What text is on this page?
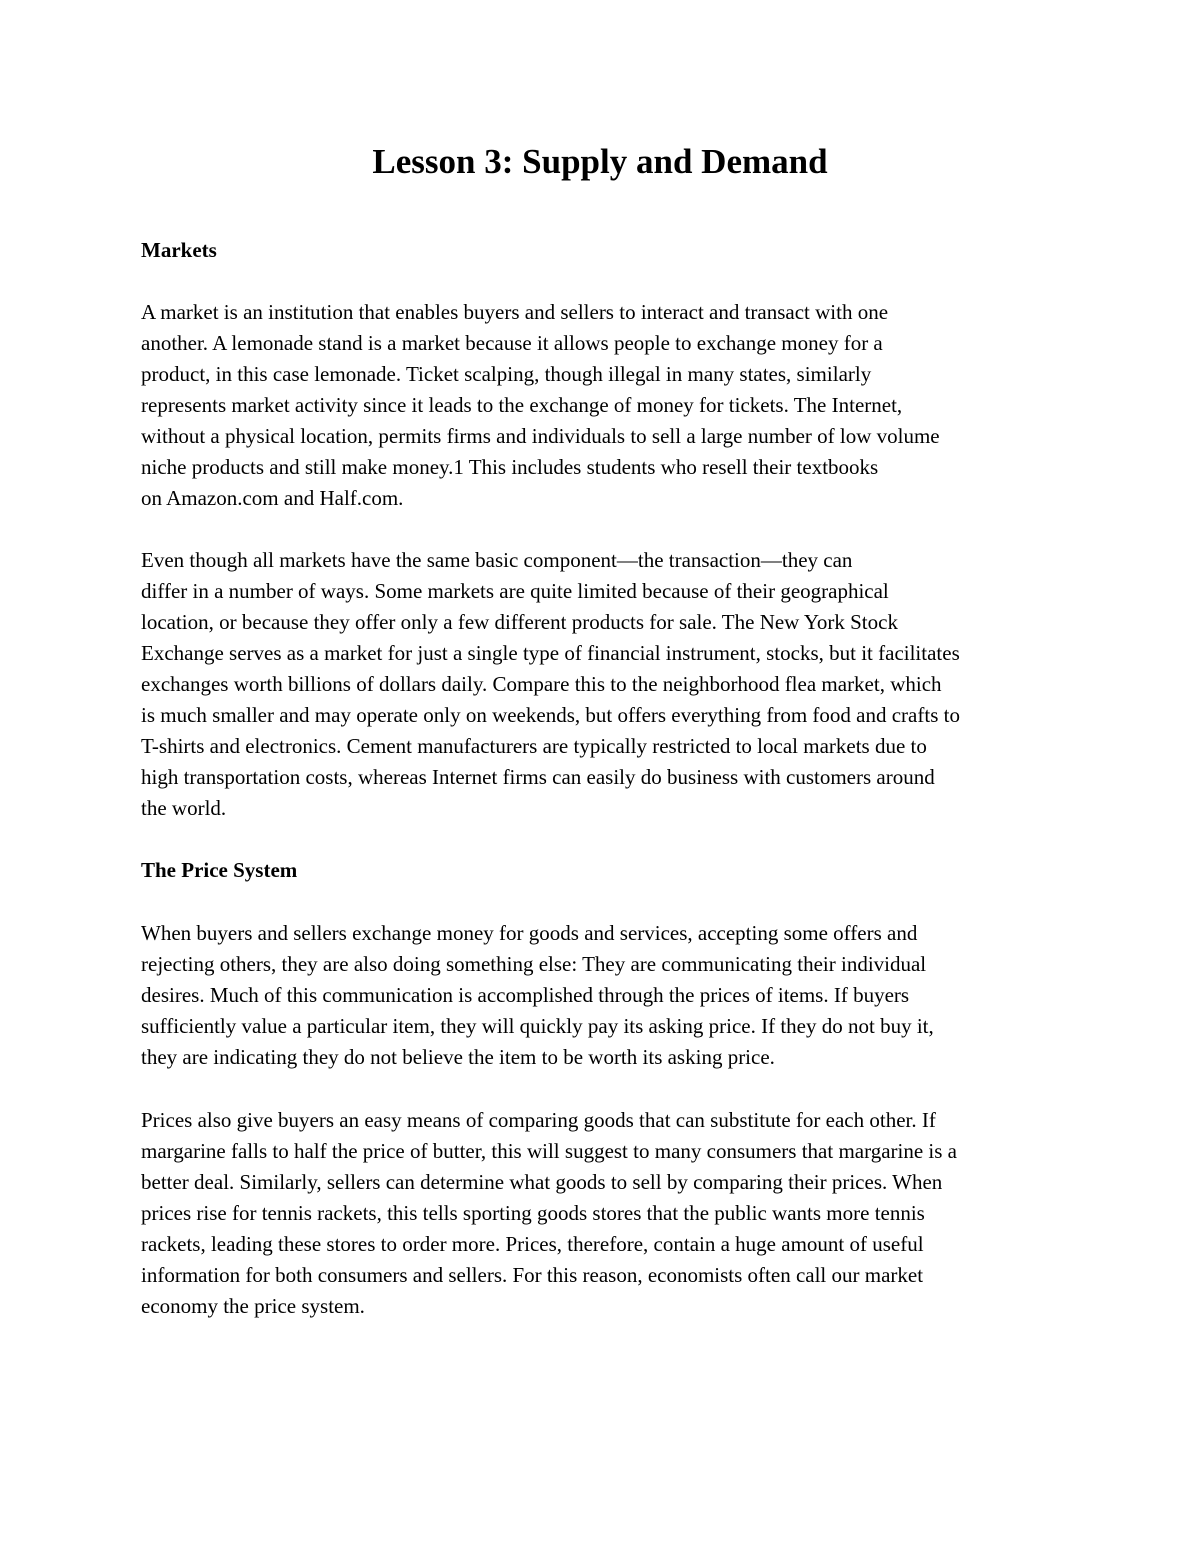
Lesson 3: Supply and Demand
Markets

A market is an institution that enables buyers and sellers to interact and transact with one
another. A lemonade stand is a market because it allows people to exchange money for a
product, in this case lemonade. Ticket scalping, though illegal in many states, similarly
represents market activity since it leads to the exchange of money for tickets. The Internet,
without a physical location, permits firms and individuals to sell a large number of low volume
niche products and still make money.1 This includes students who resell their textbooks
on Amazon.com and Half.com.

Even though all markets have the same basic component—the transaction—they can
differ in a number of ways. Some markets are quite limited because of their geographical
location, or because they offer only a few different products for sale. The New York Stock
Exchange serves as a market for just a single type of financial instrument, stocks, but it facilitates
exchanges worth billions of dollars daily. Compare this to the neighborhood flea market, which
is much smaller and may operate only on weekends, but offers everything from food and crafts to
T-shirts and electronics. Cement manufacturers are typically restricted to local markets due to
high transportation costs, whereas Internet firms can easily do business with customers around
the world.

The Price System

When buyers and sellers exchange money for goods and services, accepting some offers and
rejecting others, they are also doing something else: They are communicating their individual
desires. Much of this communication is accomplished through the prices of items. If buyers
sufficiently value a particular item, they will quickly pay its asking price. If they do not buy it,
they are indicating they do not believe the item to be worth its asking price.

Prices also give buyers an easy means of comparing goods that can substitute for each other. If
margarine falls to half the price of butter, this will suggest to many consumers that margarine is a
better deal. Similarly, sellers can determine what goods to sell by comparing their prices. When
prices rise for tennis rackets, this tells sporting goods stores that the public wants more tennis
rackets, leading these stores to order more. Prices, therefore, contain a huge amount of useful
information for both consumers and sellers. For this reason, economists often call our market
economy the price system.
